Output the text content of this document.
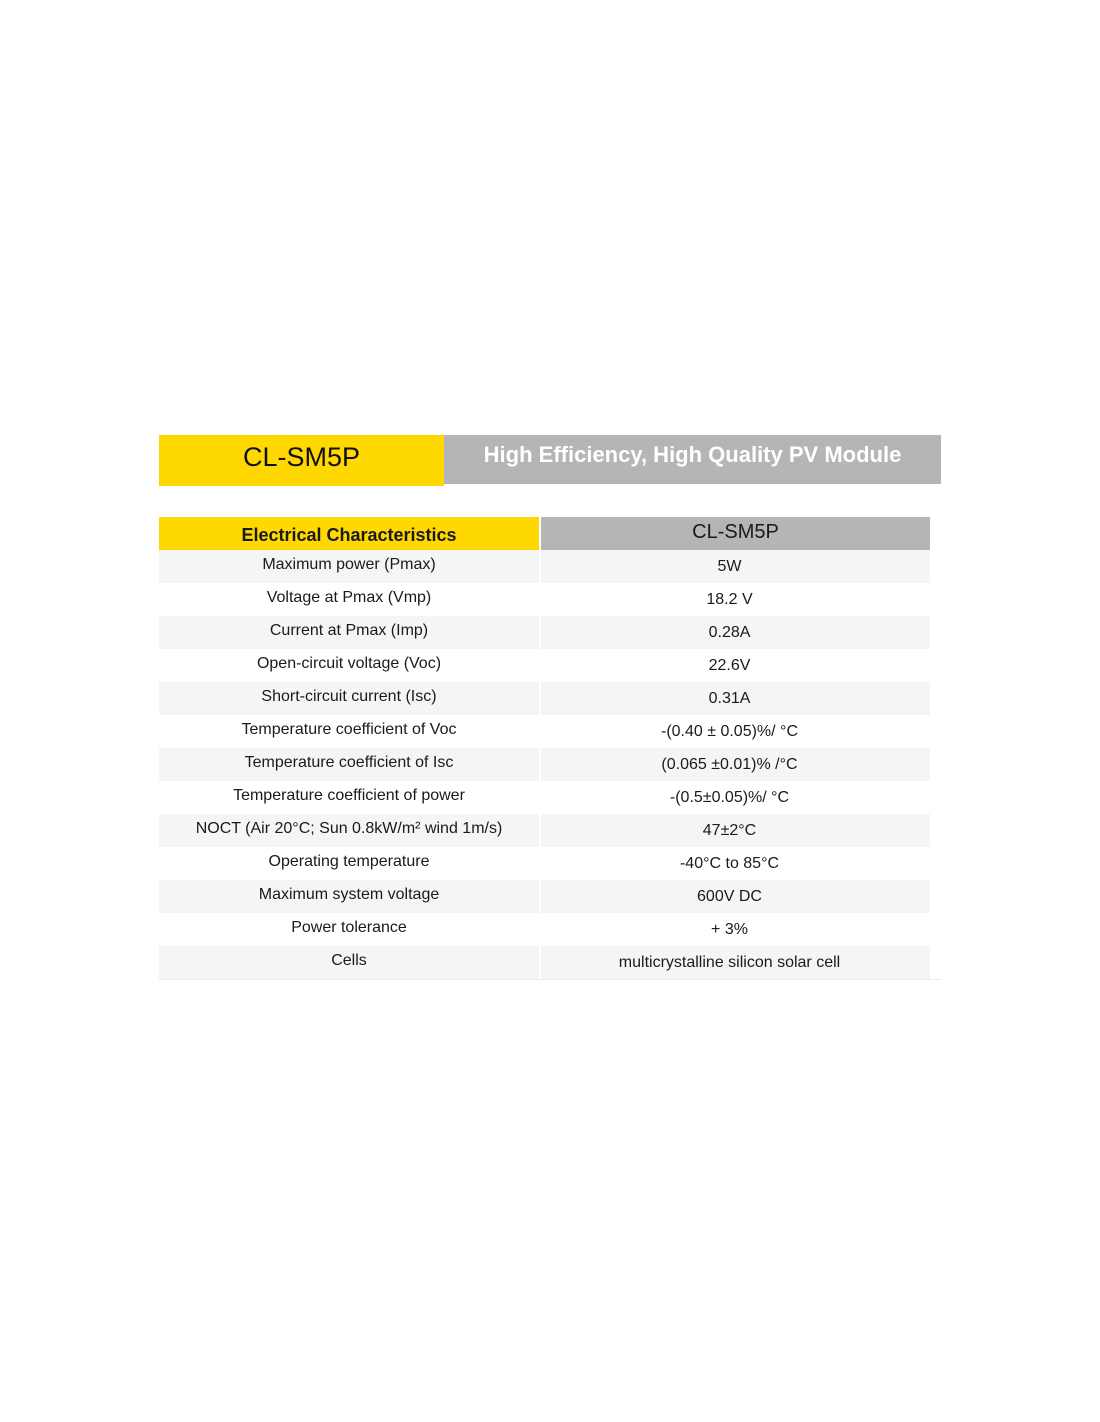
CL-SM5P	High Efficiency, High Quality PV Module
Electrical Characteristics	CL-SM5P
Maximum power (Pmax)	5W
Voltage at Pmax (Vmp)	18.2 V
Current at Pmax (Imp)	0.28A
Open-circuit voltage (Voc)	22.6V
Short-circuit current (Isc)	0.31A
Temperature coefficient of Voc	-(0.40 ± 0.05)%/ °C
Temperature coefficient of Isc	(0.065 ±0.01)% /°C
Temperature coefficient of power	-(0.5±0.05)%/ °C
NOCT (Air 20°C; Sun 0.8kW/m² wind 1m/s)	47±2°C
Operating temperature	-40°C to 85°C
Maximum system voltage	600V DC
Power tolerance	+ 3%
Cells	multicrystalline silicon solar cell
